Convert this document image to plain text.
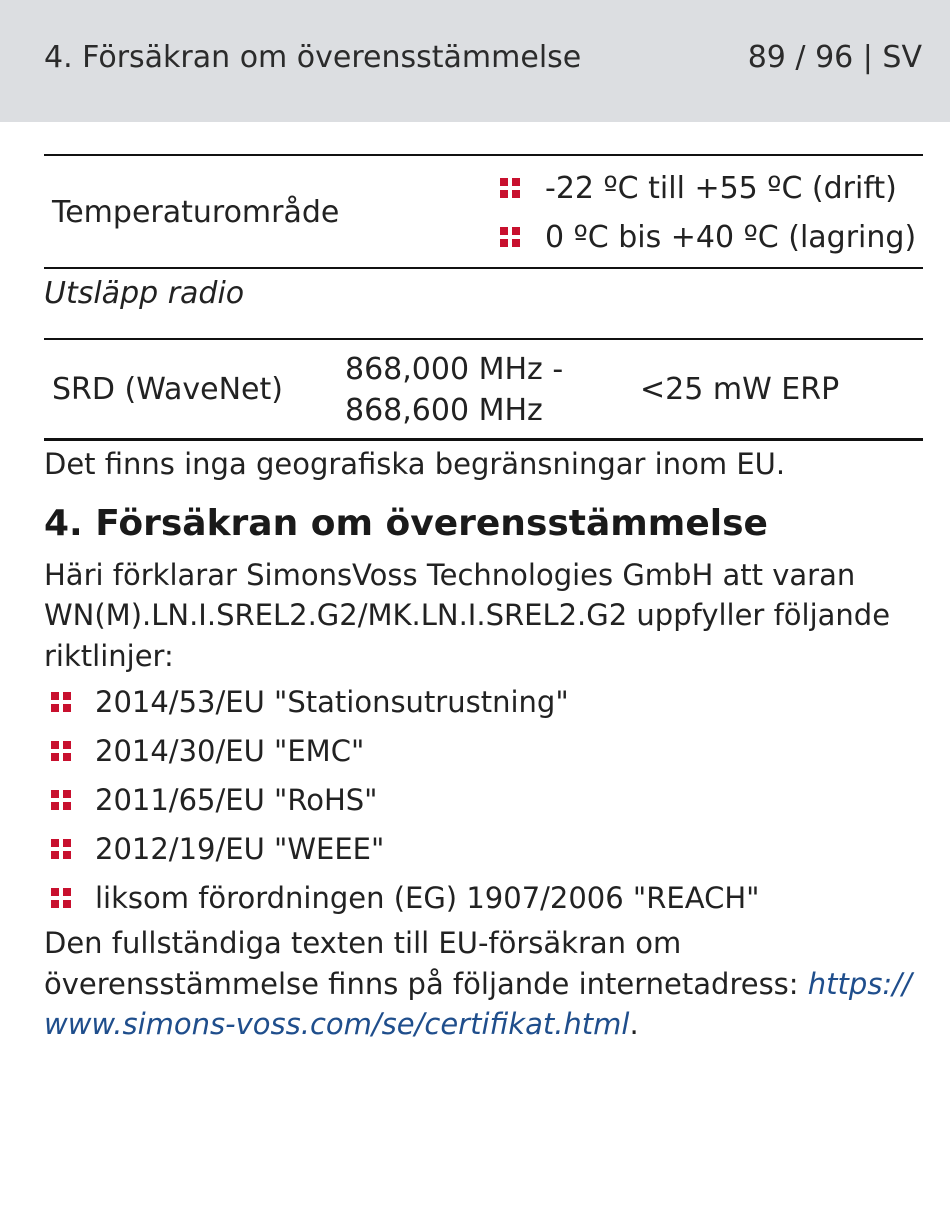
4. Försäkran om överensstämmelse	89 / 96 | SV
Temperaturområde
-22 ºC till +55 ºC (drift)
0 ºC bis +40 ºC (lagring)
Utsläpp radio
SRD (WaveNet)
868,000 MHz -
868,600 MHz
<25 mW ERP
Det finns inga geografiska begränsningar inom EU.
4. Försäkran om överensstämmelse
Häri förklarar SimonsVoss Technologies GmbH att varan
WN(M).LN.I.SREL2.G2/MK.LN.I.SREL2.G2 uppfyller följande
riktlinjer:
2014/53/EU "Stationsutrustning"
2014/30/EU "EMC"
2011/65/EU "RoHS"
2012/19/EU "WEEE"
liksom förordningen (EG) 1907/2006 "REACH"
Den fullständiga texten till EU-försäkran om
överensstämmelse finns på följande internetadress: https://
www.simons-voss.com/se/certifikat.html.
